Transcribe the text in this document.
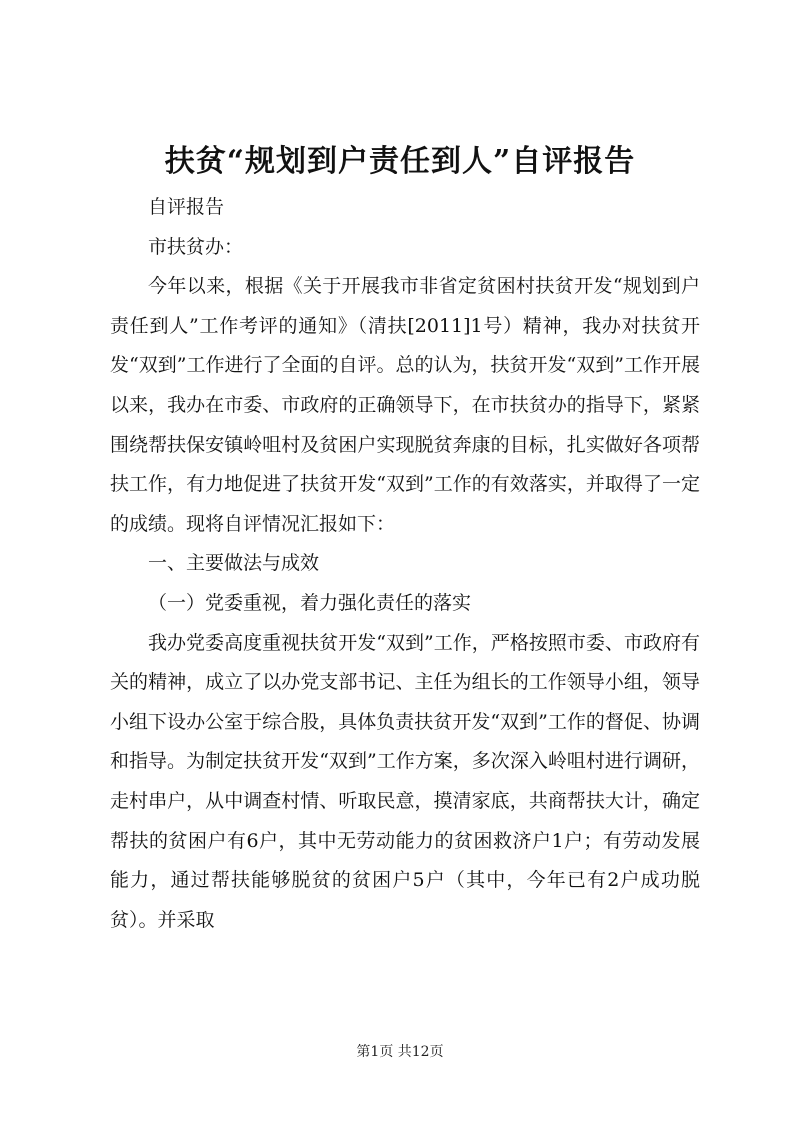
扶贫“规划到户责任到人”自评报告

自评报告

市扶贫办：

今年以来，根据《关于开展我市非省定贫困村扶贫开发“规划到户责任到人”工作考评的通知》（清扶[2011]1号）精神，我办对扶贫开发“双到”工作进行了全面的自评。总的认为，扶贫开发“双到”工作开展以来，我办在市委、市政府的正确领导下，在市扶贫办的指导下，紧紧围绕帮扶保安镇岭咀村及贫困户实现脱贫奔康的目标，扎实做好各项帮扶工作，有力地促进了扶贫开发“双到”工作的有效落实，并取得了一定的成绩。现将自评情况汇报如下：

一、主要做法与成效

（一）党委重视，着力强化责任的落实

我办党委高度重视扶贫开发“双到”工作，严格按照市委、市政府有关的精神，成立了以办党支部书记、主任为组长的工作领导小组，领导小组下设办公室于综合股，具体负责扶贫开发“双到”工作的督促、协调和指导。为制定扶贫开发“双到”工作方案，多次深入岭咀村进行调研，走村串户，从中调查村情、听取民意，摸清家底，共商帮扶大计，确定帮扶的贫困户有6户，其中无劳动能力的贫困救济户1户；有劳动发展能力，通过帮扶能够脱贫的贫困户5户（其中，今年已有2户成功脱贫）。并采取

第1页 共12页
